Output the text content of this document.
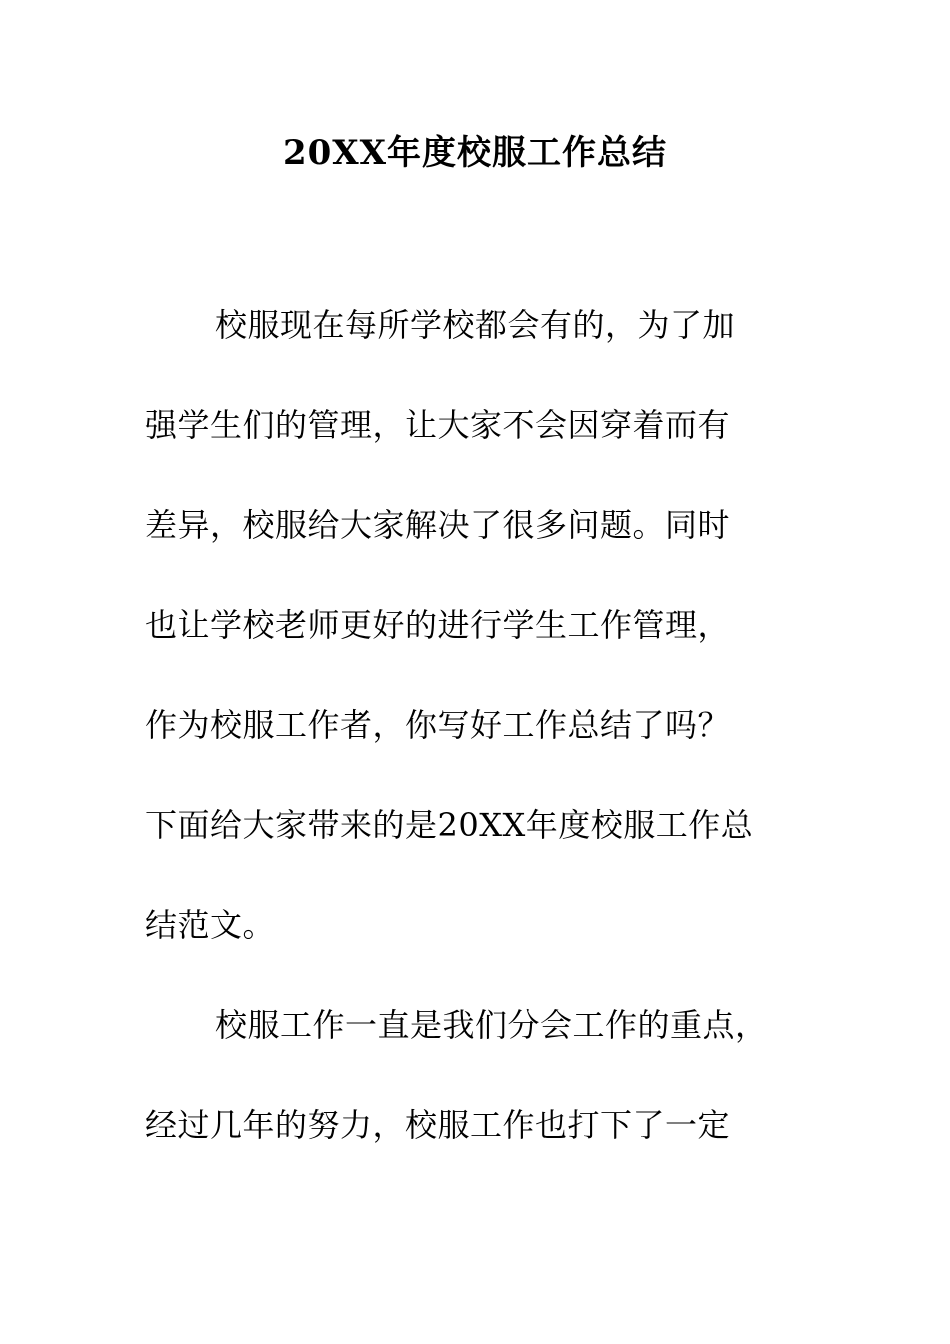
20XX年度校服工作总结
校服现在每所学校都会有的，为了加
强学生们的管理，让大家不会因穿着而有
差异，校服给大家解决了很多问题。同时
也让学校老师更好的进行学生工作管理，
作为校服工作者，你写好工作总结了吗？
下面给大家带来的是20XX年度校服工作总
结范文。
校服工作一直是我们分会工作的重点，
经过几年的努力，校服工作也打下了一定
